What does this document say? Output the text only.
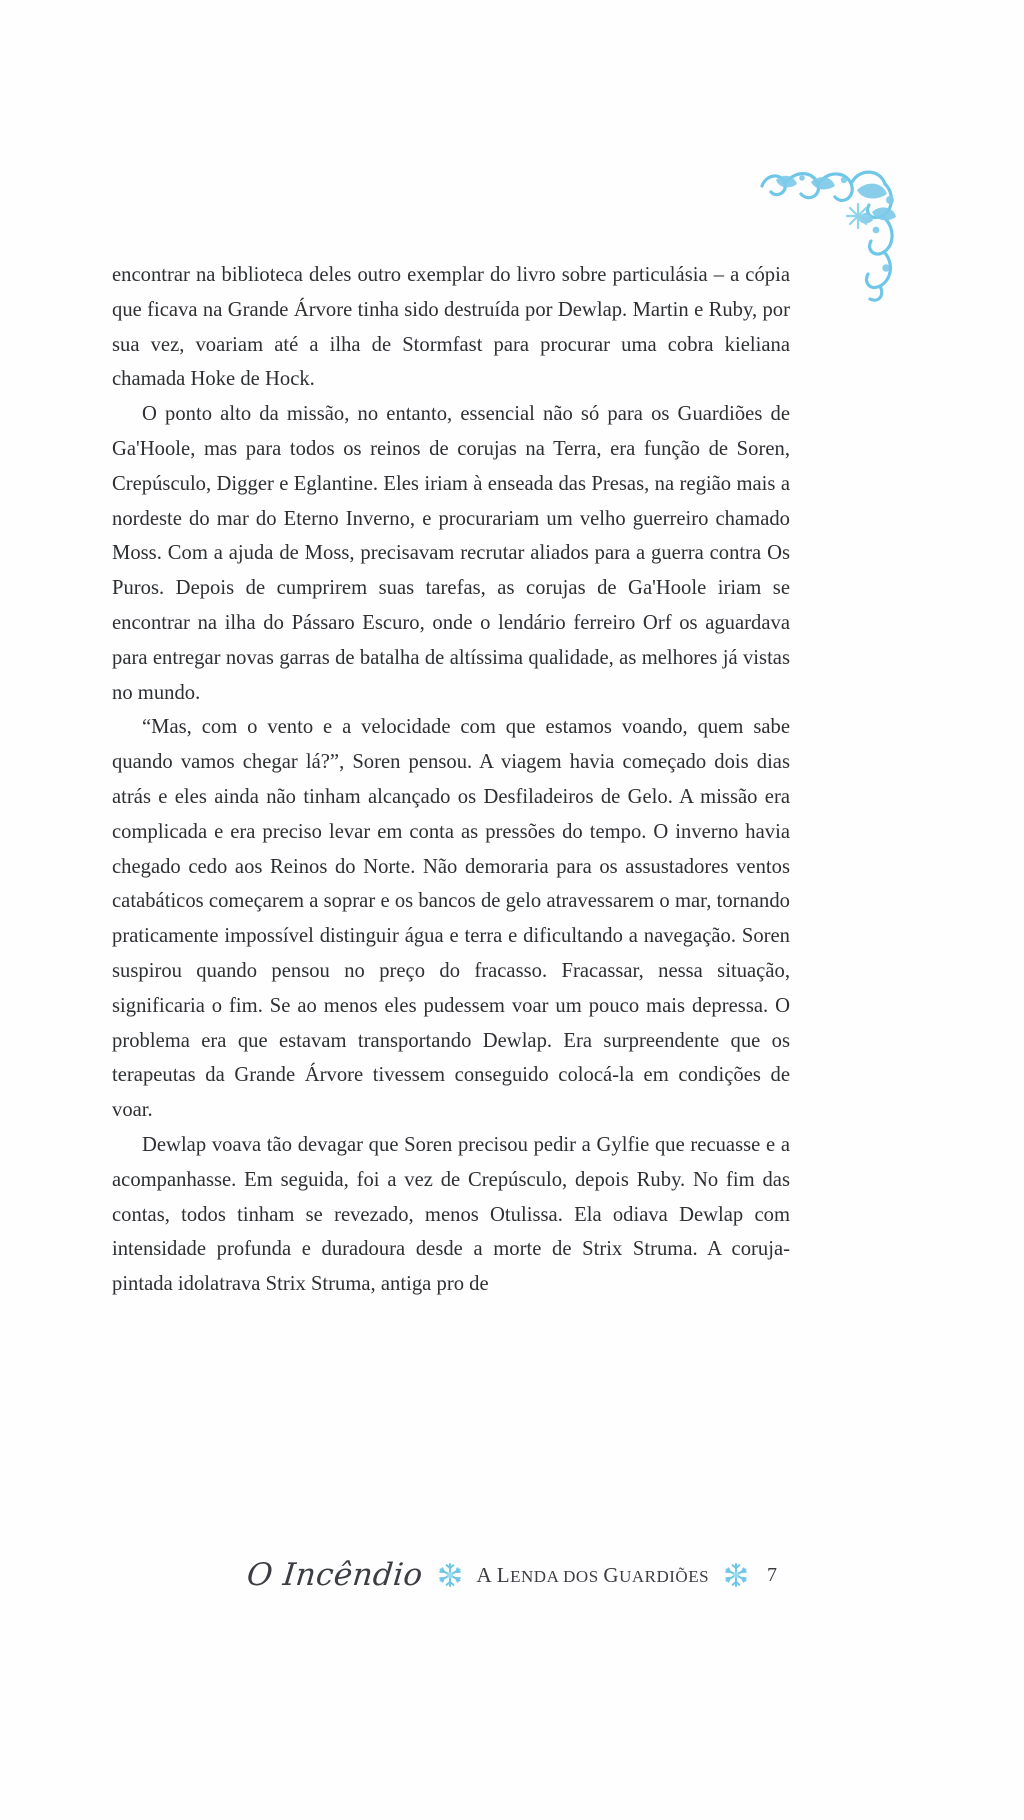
encontrar na biblioteca deles outro exemplar do livro sobre particulásia – a cópia que ficava na Grande Árvore tinha sido destruída por Dewlap. Martin e Ruby, por sua vez, voariam até a ilha de Stormfast para procurar uma cobra kieliana chamada Hoke de Hock.

O ponto alto da missão, no entanto, essencial não só para os Guardiões de Ga'Hoole, mas para todos os reinos de corujas na Terra, era função de Soren, Crepúsculo, Digger e Eglantine. Eles iriam à enseada das Presas, na região mais a nordeste do mar do Eterno Inverno, e procurariam um velho guerreiro chamado Moss. Com a ajuda de Moss, precisavam recrutar aliados para a guerra contra Os Puros. Depois de cumprirem suas tarefas, as corujas de Ga'Hoole iriam se encontrar na ilha do Pássaro Escuro, onde o lendário ferreiro Orf os aguardava para entregar novas garras de batalha de altíssima qualidade, as melhores já vistas no mundo.

“Mas, com o vento e a velocidade com que estamos voando, quem sabe quando vamos chegar lá?”, Soren pensou. A viagem havia começado dois dias atrás e eles ainda não tinham alcançado os Desfiladeiros de Gelo. A missão era complicada e era preciso levar em conta as pressões do tempo. O inverno havia chegado cedo aos Reinos do Norte. Não demoraria para os assustadores ventos catabáticos começarem a soprar e os bancos de gelo atravessarem o mar, tornando praticamente impossível distinguir água e terra e dificultando a navegação. Soren suspirou quando pensou no preço do fracasso. Fracassar, nessa situação, significaria o fim. Se ao menos eles pudessem voar um pouco mais depressa. O problema era que estavam transportando Dewlap. Era surpreendente que os terapeutas da Grande Árvore tivessem conseguido colocá-la em condições de voar.

Dewlap voava tão devagar que Soren precisou pedir a Gylfie que recuasse e a acompanhasse. Em seguida, foi a vez de Crepúsculo, depois Ruby. No fim das contas, todos tinham se revezado, menos Otulissa. Ela odiava Dewlap com intensidade profunda e duradoura desde a morte de Strix Struma. A coruja-pintada idolatrava Strix Struma, antiga pro de

O Incêndio A LENDA DOS GUARDIÕES	7
